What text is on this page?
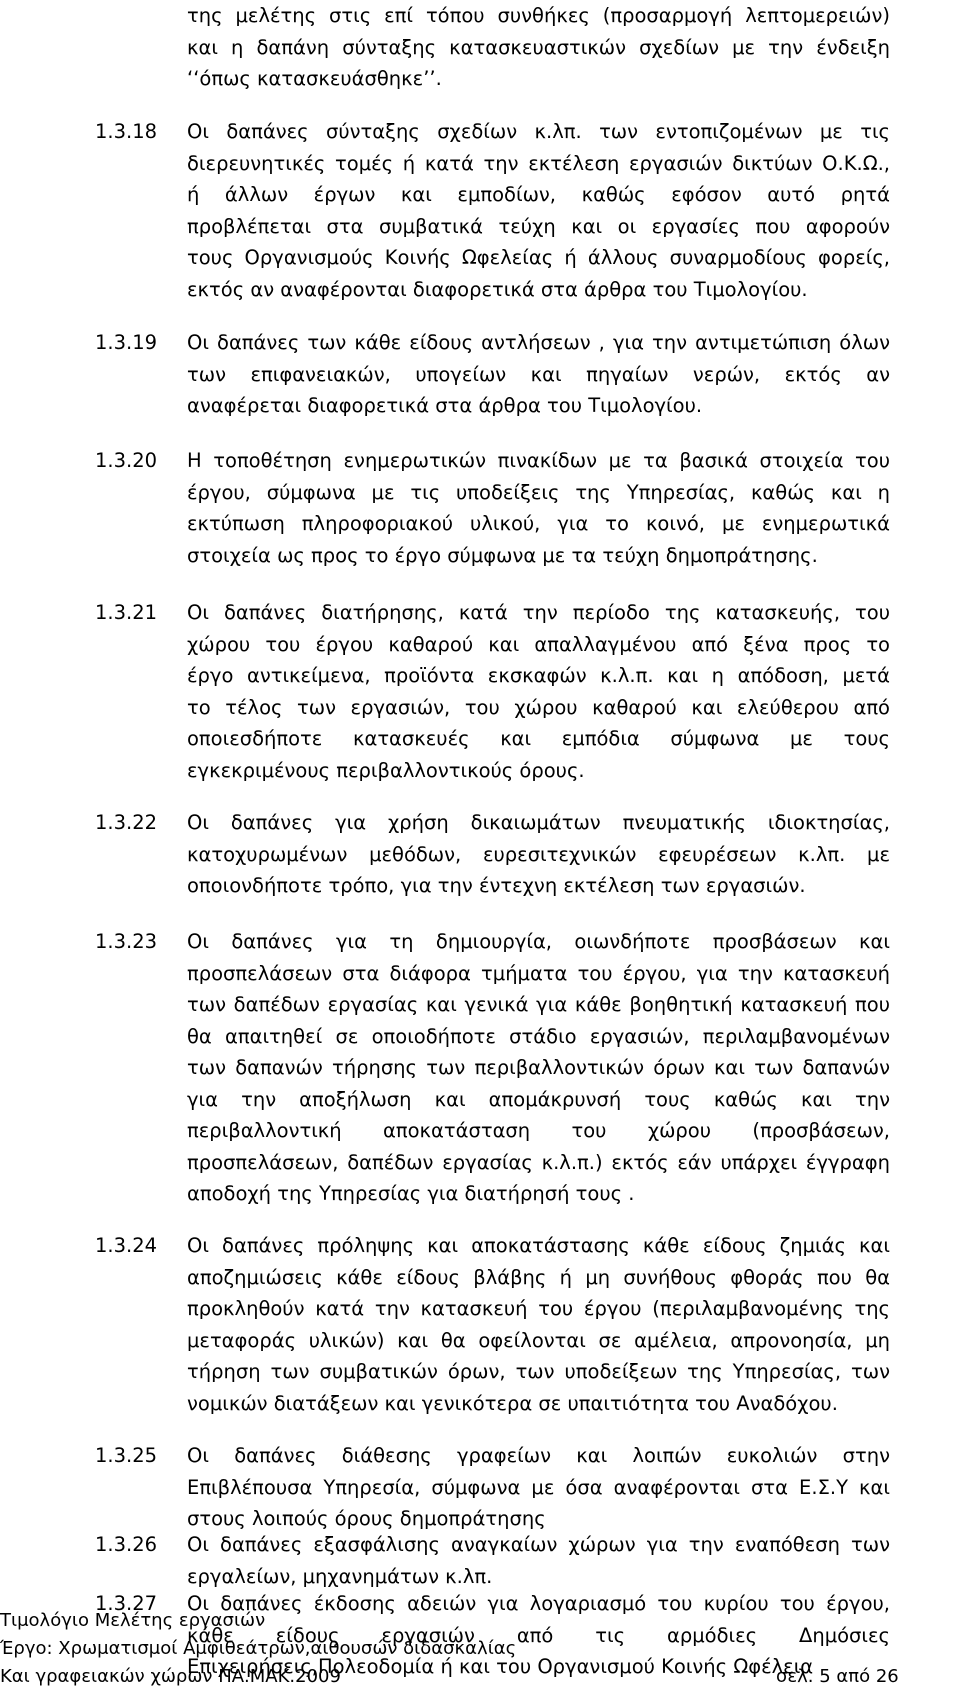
της μελέτης στις επί τόπου συνθήκες (προσαρμογή λεπτομερειών)
και η δαπάνη σύνταξης κατασκευαστικών σχεδίων με την ένδειξη
‘‘όπως κατασκευάσθηκε’’.
1.3.18 Οι δαπάνες σύνταξης σχεδίων κ.λπ. των εντοπιζομένων με τις
διερευνητικές τομές ή κατά την εκτέλεση εργασιών δικτύων Ο.Κ.Ω.,
ή άλλων έργων και εμποδίων, καθώς εφόσον αυτό ρητά
προβλέπεται στα συμβατικά τεύχη και οι εργασίες που αφορούν
τους Οργανισμούς Κοινής Ωφελείας ή άλλους συναρμοδίους φορείς,
εκτός αν αναφέρονται διαφορετικά στα άρθρα του Τιμολογίου.
1.3.19 Οι δαπάνες των κάθε είδους αντλήσεων , για την αντιμετώπιση όλων
των επιφανειακών, υπογείων και πηγαίων νερών, εκτός αν
αναφέρεται διαφορετικά στα άρθρα του Τιμολογίου.
1.3.20 Η τοποθέτηση ενημερωτικών πινακίδων με τα βασικά στοιχεία του
έργου, σύμφωνα με τις υποδείξεις της Υπηρεσίας, καθώς και η
εκτύπωση πληροφοριακού υλικού, για το κοινό, με ενημερωτικά
στοιχεία ως προς το έργο σύμφωνα με τα τεύχη δημοπράτησης.
1.3.21 Οι δαπάνες διατήρησης, κατά την περίοδο της κατασκευής, του
χώρου του έργου καθαρού και απαλλαγμένου από ξένα προς το
έργο αντικείμενα, προϊόντα εκσκαφών κ.λ.π. και η απόδοση, μετά
το τέλος των εργασιών, του χώρου καθαρού και ελεύθερου από
οποιεσδήποτε κατασκευές και εμπόδια σύμφωνα με τους
εγκεκριμένους περιβαλλοντικούς όρους.
1.3.22 Οι δαπάνες για χρήση δικαιωμάτων πνευματικής ιδιοκτησίας,
κατοχυρωμένων μεθόδων, ευρεσιτεχνικών εφευρέσεων κ.λπ. με
οποιονδήποτε τρόπο, για την έντεχνη εκτέλεση των εργασιών.
1.3.23 Οι δαπάνες για τη δημιουργία, οιωνδήποτε προσβάσεων και
προσπελάσεων στα διάφορα τμήματα του έργου, για την κατασκευή
των δαπέδων εργασίας και γενικά για κάθε βοηθητική κατασκευή που
θα απαιτηθεί σε οποιοδήποτε στάδιο εργασιών, περιλαμβανομένων
των δαπανών τήρησης των περιβαλλοντικών όρων και των δαπανών
για την αποξήλωση και απομάκρυνσή τους καθώς και την
περιβαλλοντική αποκατάσταση του χώρου (προσβάσεων,
προσπελάσεων, δαπέδων εργασίας κ.λ.π.) εκτός εάν υπάρχει έγγραφη
αποδοχή της Υπηρεσίας για διατήρησή τους .
1.3.24 Οι δαπάνες πρόληψης και αποκατάστασης κάθε είδους ζημιάς και
αποζημιώσεις κάθε είδους βλάβης ή μη συνήθους φθοράς που θα
προκληθούν κατά την κατασκευή του έργου (περιλαμβανομένης της
μεταφοράς υλικών) και θα οφείλονται σε αμέλεια, απρονοησία, μη
τήρηση των συμβατικών όρων, των υποδείξεων της Υπηρεσίας, των
νομικών διατάξεων και γενικότερα σε υπαιτιότητα του Αναδόχου.
1.3.25 Οι δαπάνες διάθεσης γραφείων και λοιπών ευκολιών στην
Επιβλέπουσα Υπηρεσία, σύμφωνα με όσα αναφέρονται στα Ε.Σ.Υ και
στους λοιπούς όρους δημοπράτησης
1.3.26 Οι δαπάνες εξασφάλισης αναγκαίων χώρων για την εναπόθεση των
εργαλείων, μηχανημάτων κ.λπ.
1.3.27 Οι δαπάνες έκδοσης αδειών για λογαριασμό του κυρίου του έργου,
κάθε είδους εργασιών από τις αρμόδιες Δημόσιες
Επιχειρήσεις,Πολεοδομία ή και του Οργανισμού Κοινής Ωφέλεια
Τιμολόγιο Μελέτης εργασιών
Έργο: Χρωματισμοί Αμφιθεάτρων,αιθουσών διδασκαλίας
Και γραφειακών χώρων ΠΑ.ΜΑΚ.2009	σελ. 5 από 26
